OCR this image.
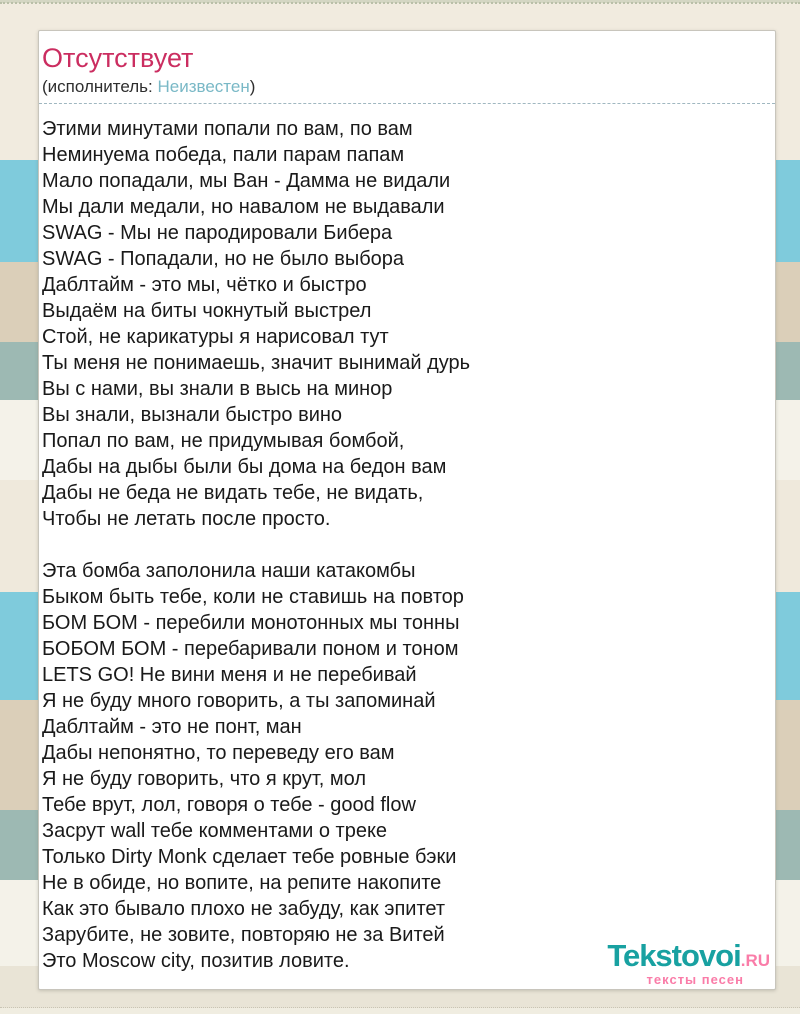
Отсутствует
(исполнитель: Неизвестен)
Этими минутами попали по вам, по вам
Неминуема победа, пали парам папам
Мало попадали, мы Ван - Дамма не видали
Мы дали медали, но навалом не выдавали
SWAG - Мы не пародировали Бибера
SWAG - Попадали, но не было выбора
Даблтайм - это мы, чётко и быстро
Выдаём на биты чокнутый выстрел
Стой, не карикатуры я нарисовал тут
Ты меня не понимаешь, значит вынимай дурь
Вы с нами, вы знали в высь на минор
Вы знали, вызнали быстро вино
Попал по вам, не придумывая бомбой,
Дабы на дыбы были бы дома на бедон вам
Дабы не беда не видать тебе, не видать,
Чтобы не летать после просто.
Эта бомба заполонила наши катакомбы
Быком быть тебе, коли не ставишь на повтор
БОМ БОМ - перебили монотонных мы тонны
БОБОМ БОМ - перебаривали поном и тоном
LETS GO! Не вини меня и не перебивай
Я не буду много говорить, а ты запоминай
Даблтайм - это не понт, ман
Дабы непонятно, то переведу его вам
Я не буду говорить, что я крут, мол
Тебе врут, лол, говоря о тебе - good flow
Засрут wall тебе комментами о треке
Только Dirty Monk сделает тебе ровные бэки
Не в обиде, но вопите, на репите накопите
Как это бывало плохо не забуду, как эпитет
Зарубите, не зовите, повторяю не за Витей
Это Moscow city, позитив ловите.	Tekstovoi.RU
тексты песен
